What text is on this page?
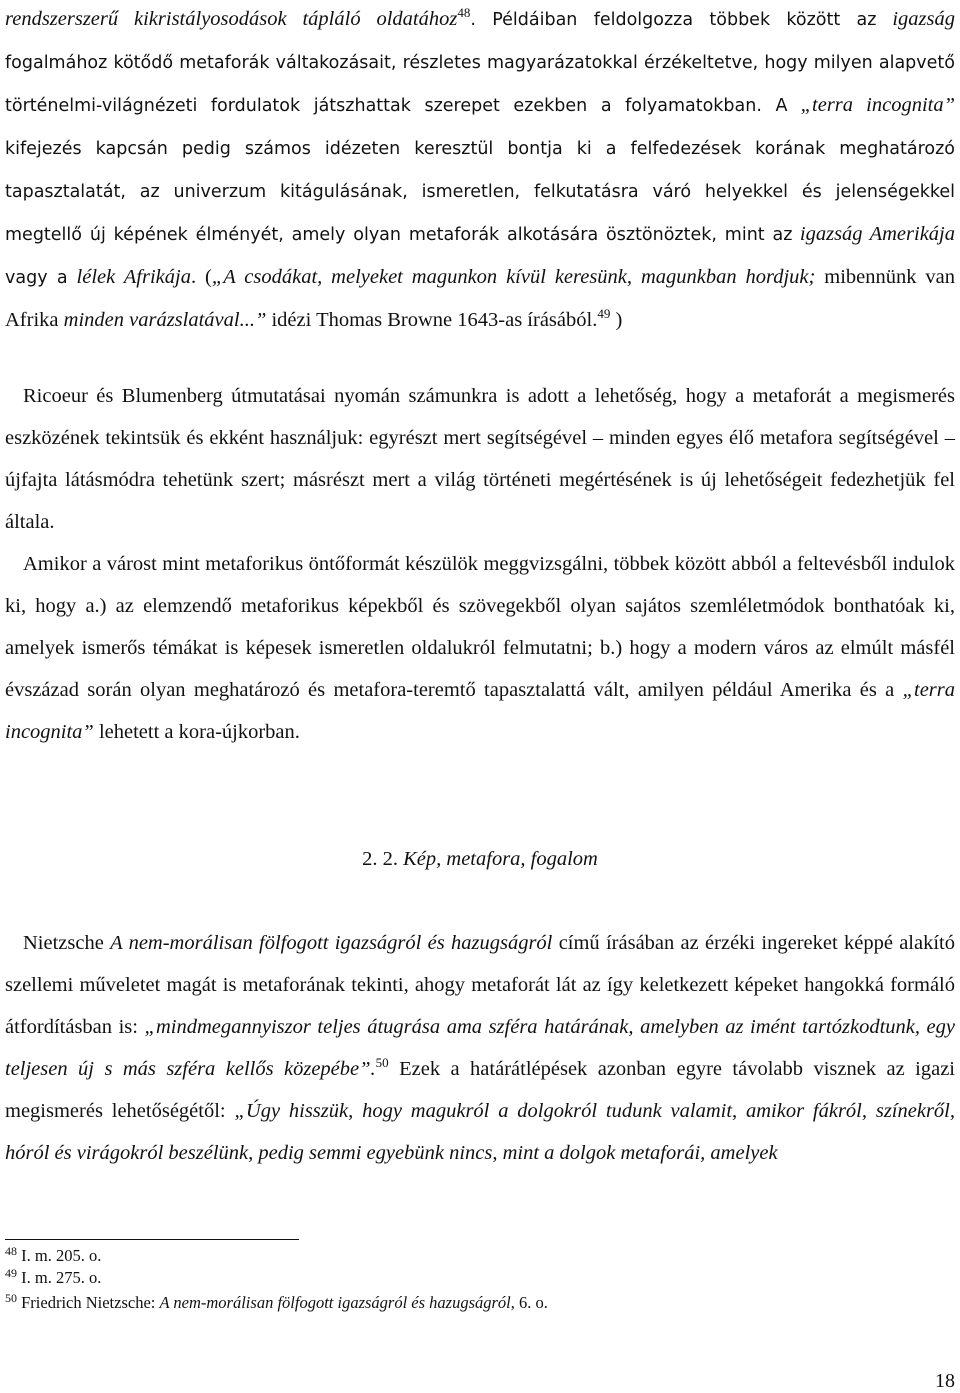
rendszerszerű kikristályosodások tápláló oldatához$^{48}$. Példáiban feldolgozza többek között az igazság fogalmához kötődő metaforák váltakozásait, részletes magyarázatokkal érzékeltetve, hogy milyen alapvető történelmi-világnézeti fordulatok játszhattak szerepet ezekben a folyamatokban. A „terra incognita” kifejezés kapcsán pedig számos idézeten keresztül bontja ki a felfedezések korának meghatározó tapasztalatát, az univerzum kitágulásának, ismeretlen, felkutatásra váró helyekkel és jelenségekkel megtellő új képének élményét, amely olyan metaforák alkotására ösztönöztek, mint az igazság Amerikája vagy a lélek Afrikája. („A csodákat, melyeket magunkon kívül keresünk, magunkban hordjuk; mibennünk van Afrika minden varázslatával...” idézi Thomas Browne 1643-as írásából.$^{49}$ )

Ricoeur és Blumenberg útmutatásai nyomán számunkra is adott a lehetőség, hogy a metaforát a megismerés eszközének tekintsük és ekként használjuk: egyrészt mert segítségével – minden egyes élő metafora segítségével – újfajta látásmódra tehetünk szert; másrészt mert a világ történeti megértésének is új lehetőségeit fedezhetjük fel általa.

Amikor a várost mint metaforikus öntőformát készülök meggvizsgálni, többek között abból a feltevésből indulok ki, hogy a.) az elemzendő metaforikus képekből és szövegekből olyan sajátos szemléletmódok bonthatóak ki, amelyek ismerős témákat is képesek ismeretlen oldalukról felmutatni; b.) hogy a modern város az elmúlt másfél évszázad során olyan meghatározó és metafora-teremtő tapasztalattá vált, amilyen például Amerika és a „terra incognita” lehetett a kora-újkorban.

2. 2. Kép, metafora, fogalom

Nietzsche A nem-morálisan fölfogott igazságról és hazugságról című írásában az érzéki ingereket képpé alakító szellemi műveletet magát is metaforának tekinti, ahogy metaforát lát az így keletkezett képeket hangokká formáló átfordításban is: „mindmegannyiszor teljes átugrása ama szféra határának, amelyben az imént tartózkodtunk, egy teljesen új s más szféra kellős közepébe”.$^{50}$ Ezek a határátlépések azonban egyre távolabb visznek az igazi megismerés lehetőségétől: „Úgy hisszük, hogy magukról a dolgokról tudunk valamit, amikor fákról, színekről, hóról és virágokról beszélünk, pedig semmi egyebünk nincs, mint a dolgok metaforái, amelyek

$^{48}$ I. m. 205. o.
$^{49}$ I. m. 275. o.
$^{50}$ Friedrich Nietzsche: A nem-morálisan fölfogott igazságról és hazugságról, 6. o.
18
